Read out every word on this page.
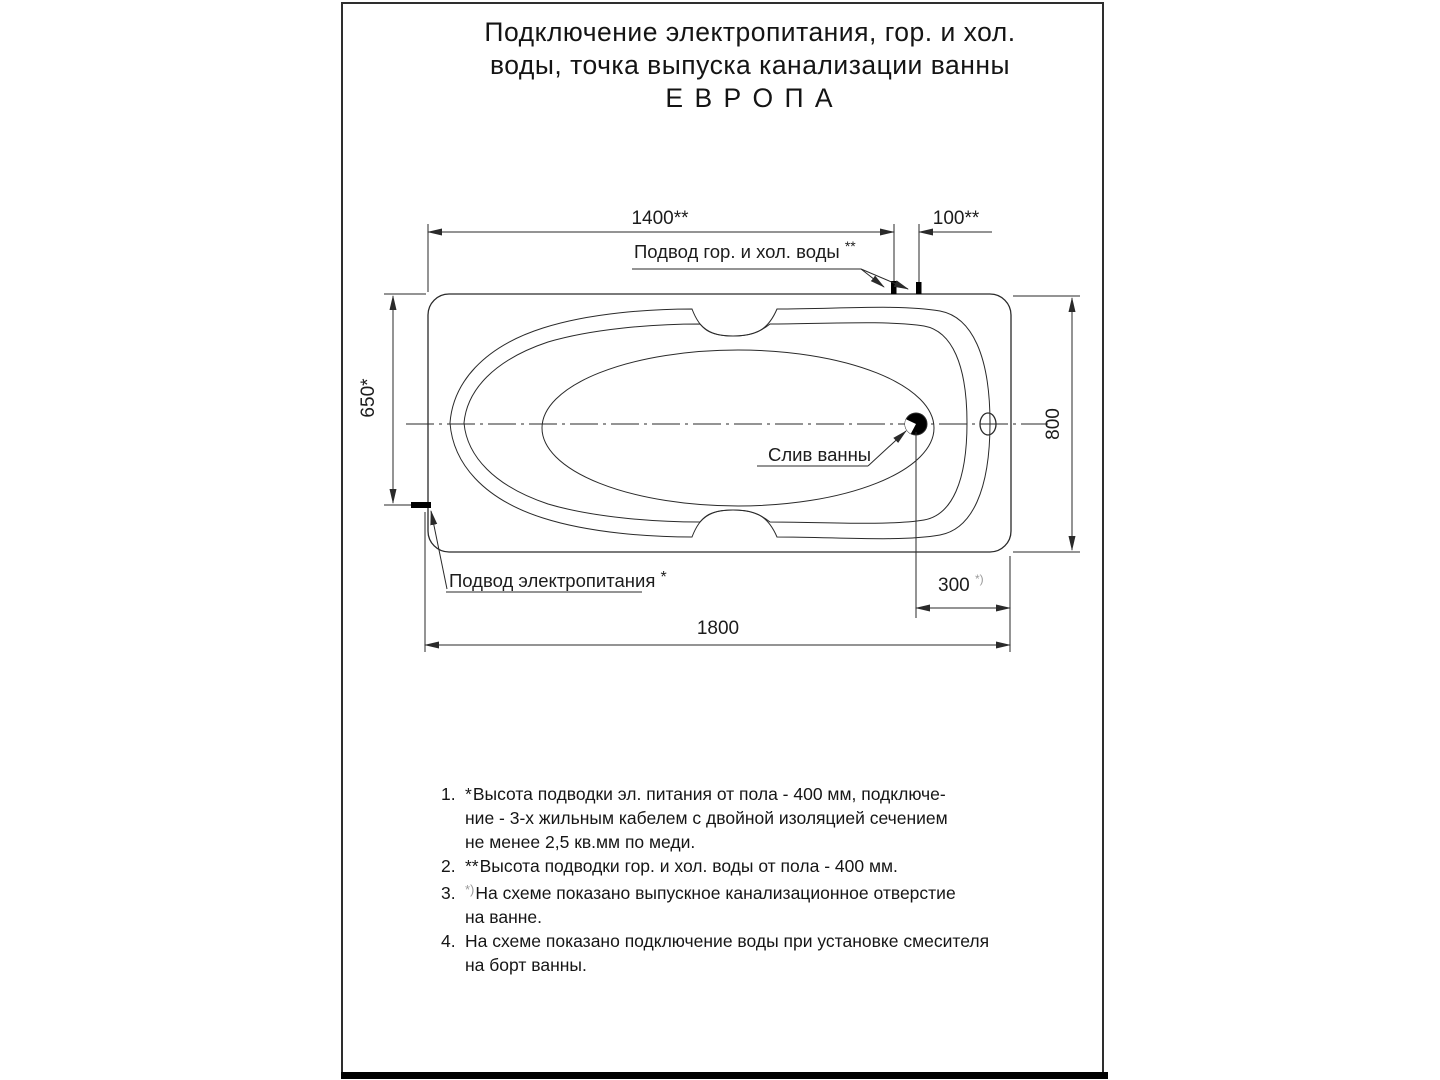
Подключение электропитания, гор. и хол.
воды, точка выпуска канализации ванны
Е В Р О П А
1400**	100**
Подвод гор. и хол. воды **
650*
Подвод электропитания *
800
Слив ванны
300 *)
1800
1. *Высота подводки эл. питания от пола - 400 мм, подключе-
ние - 3-х жильным кабелем с двойной изоляцией сечением
не менее 2,5 кв.мм по меди.
2. **Высота подводки гор. и хол. воды от пола - 400 мм.
3. *)На схеме показано выпускное канализационное отверстие
на ванне.
4. На схеме показано подключение воды при установке смесителя
на борт ванны.
